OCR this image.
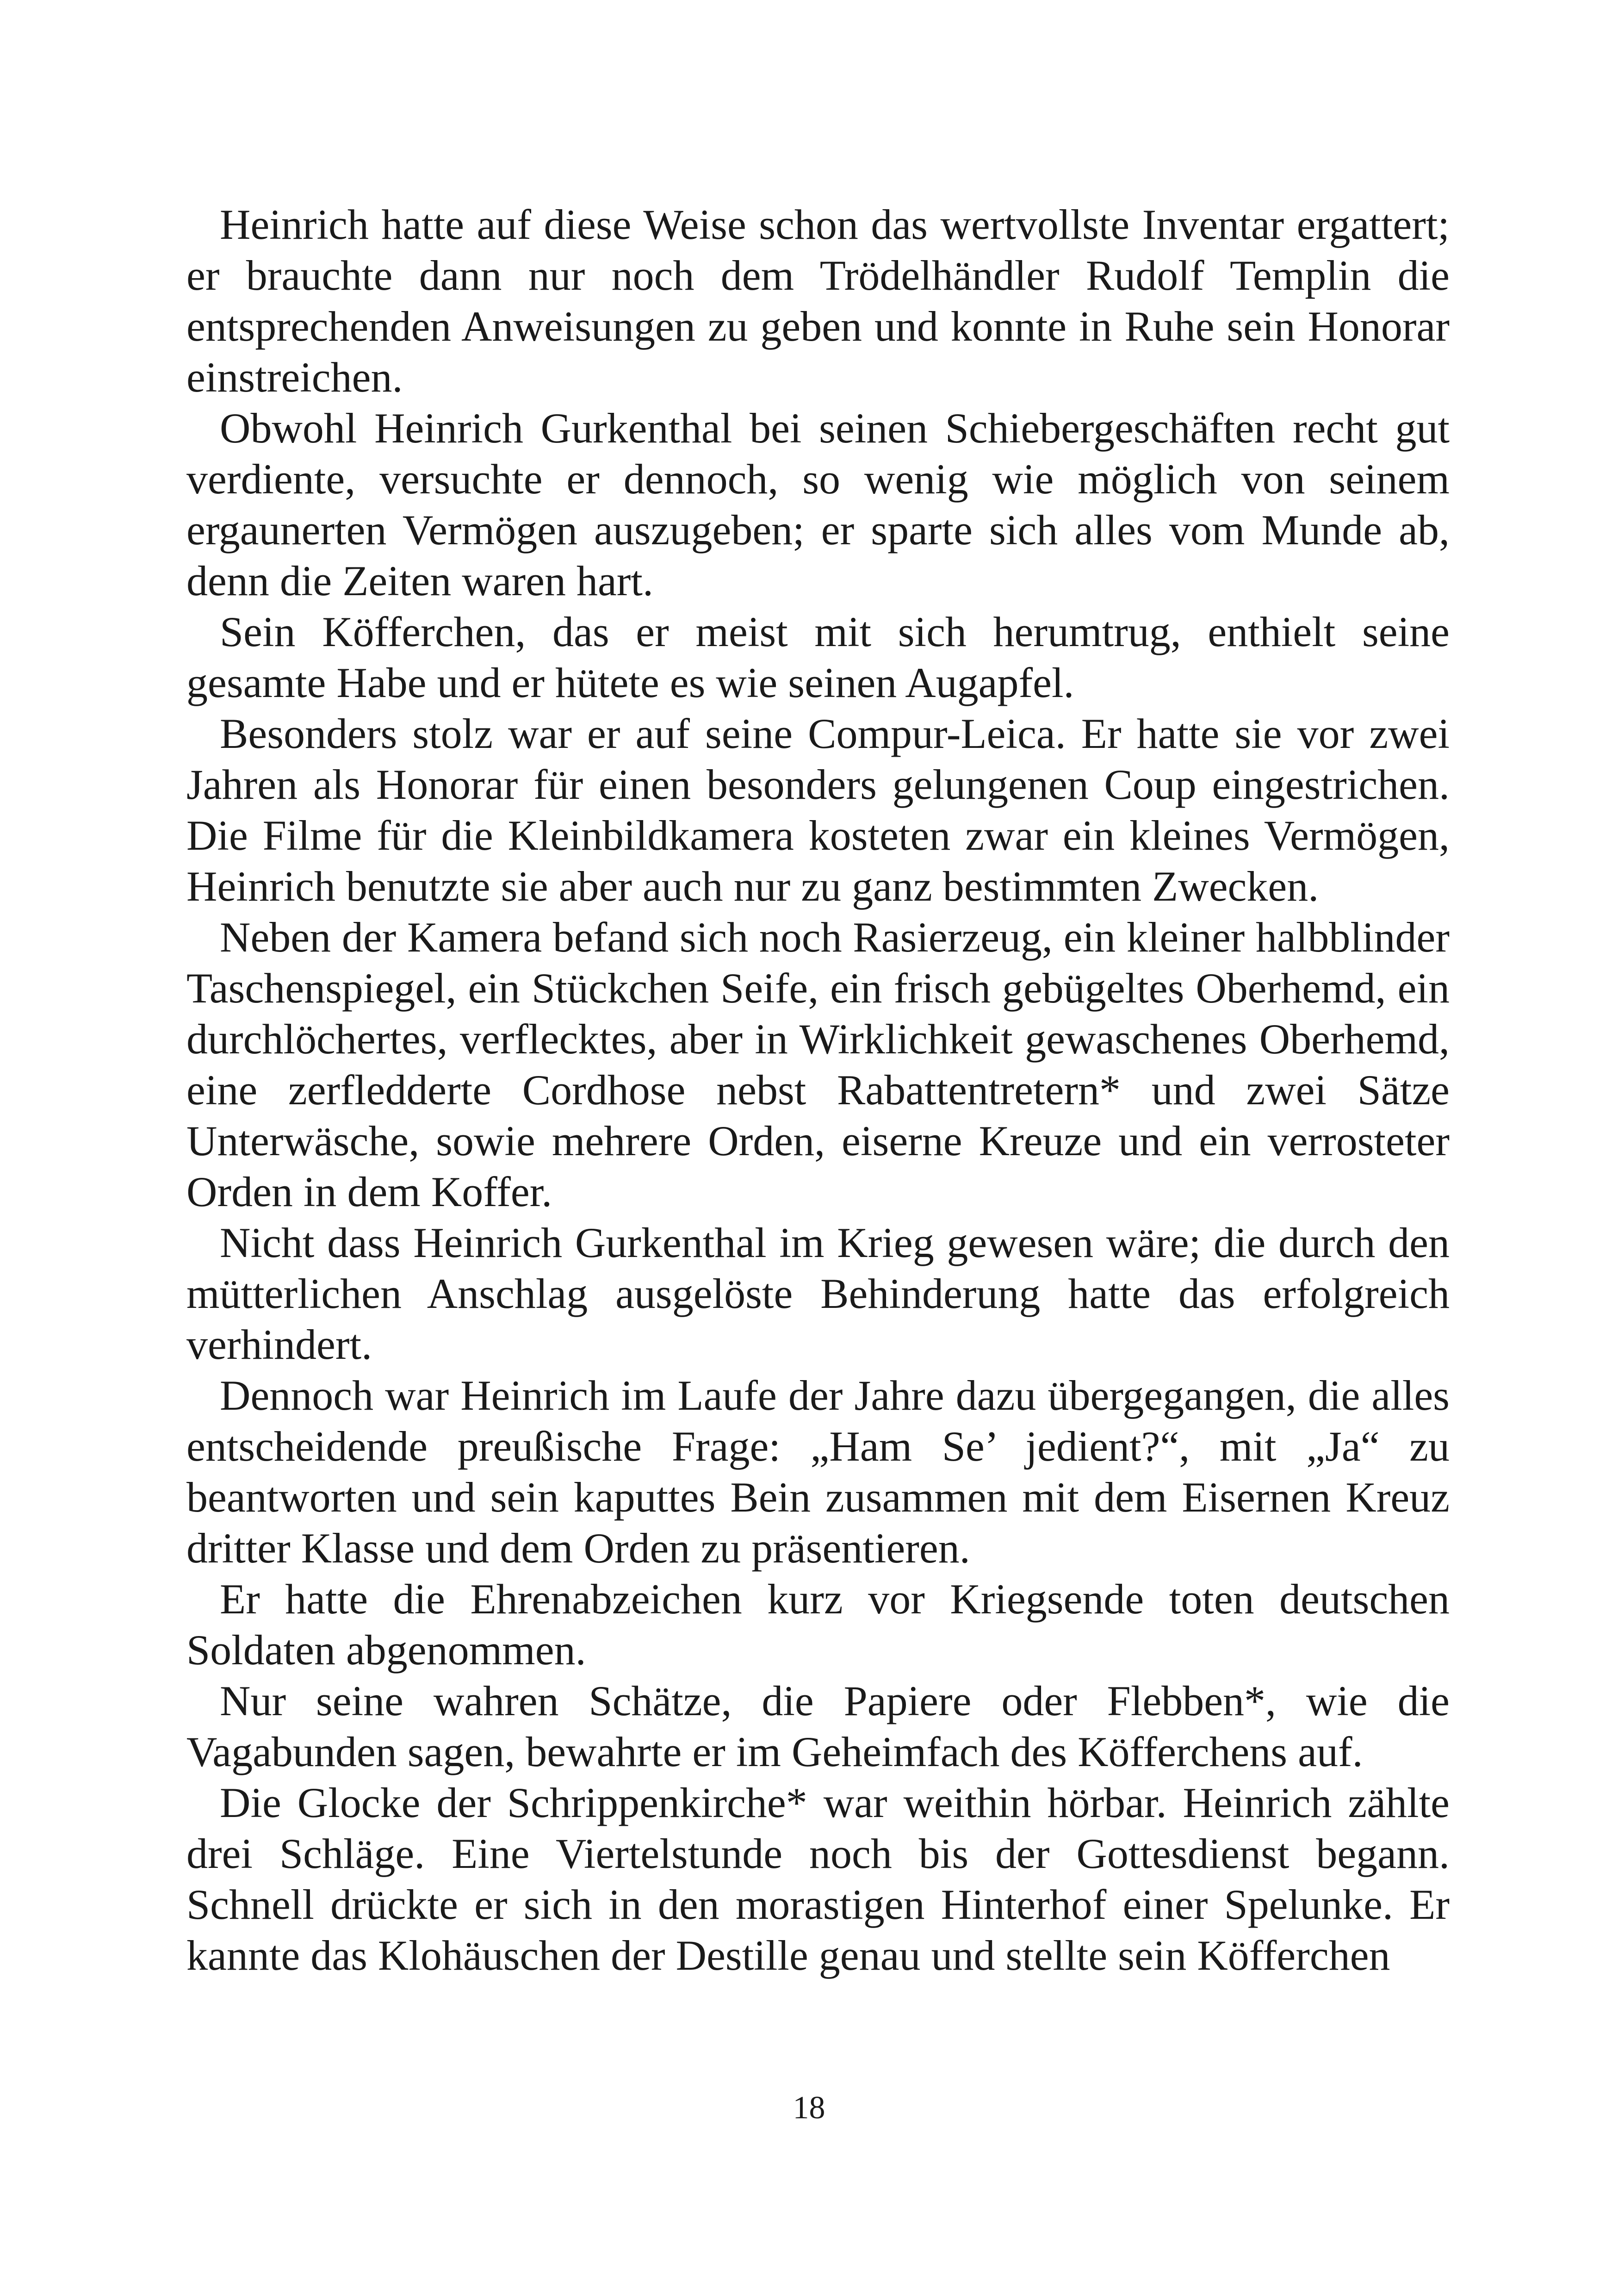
Heinrich hatte auf diese Weise schon das wertvollste Inventar ergattert; er brauchte dann nur noch dem Trödelhändler Rudolf Templin die entsprechenden Anweisungen zu geben und konnte in Ruhe sein Honorar einstreichen.

Obwohl Heinrich Gurkenthal bei seinen Schiebergeschäften recht gut verdiente, versuchte er dennoch, so wenig wie möglich von seinem ergaunerten Vermögen auszugeben; er sparte sich alles vom Munde ab, denn die Zeiten waren hart.

Sein Köfferchen, das er meist mit sich herumtrug, enthielt seine gesamte Habe und er hütete es wie seinen Augapfel.

Besonders stolz war er auf seine Compur-Leica. Er hatte sie vor zwei Jahren als Honorar für einen besonders gelungenen Coup eingestrichen. Die Filme für die Kleinbildkamera kosteten zwar ein kleines Vermögen, Heinrich benutzte sie aber auch nur zu ganz bestimmten Zwecken.

Neben der Kamera befand sich noch Rasierzeug, ein kleiner halbblinder Taschenspiegel, ein Stückchen Seife, ein frisch gebügeltes Oberhemd, ein durchlöchertes, verflecktes, aber in Wirklichkeit gewaschenes Oberhemd, eine zerfledderte Cordhose nebst Rabattentretern* und zwei Sätze Unterwäsche, sowie mehrere Orden, eiserne Kreuze und ein verrosteter Orden in dem Koffer.

Nicht dass Heinrich Gurkenthal im Krieg gewesen wäre; die durch den mütterlichen Anschlag ausgelöste Behinderung hatte das erfolgreich verhindert.

Dennoch war Heinrich im Laufe der Jahre dazu übergegangen, die alles entscheidende preußische Frage: „Ham Se’ jedient?“, mit „Ja“ zu beantworten und sein kaputtes Bein zusammen mit dem Eisernen Kreuz dritter Klasse und dem Orden zu präsentieren.

Er hatte die Ehrenabzeichen kurz vor Kriegsende toten deutschen Soldaten abgenommen.

Nur seine wahren Schätze, die Papiere oder Flebben*, wie die Vagabunden sagen, bewahrte er im Geheimfach des Köfferchens auf.

Die Glocke der Schrippenkirche* war weithin hörbar. Heinrich zählte drei Schläge. Eine Viertelstunde noch bis der Gottesdienst begann. Schnell drückte er sich in den morastigen Hinterhof einer Spelunke. Er kannte das Klohäuschen der Destille genau und stellte sein Köfferchen

18
